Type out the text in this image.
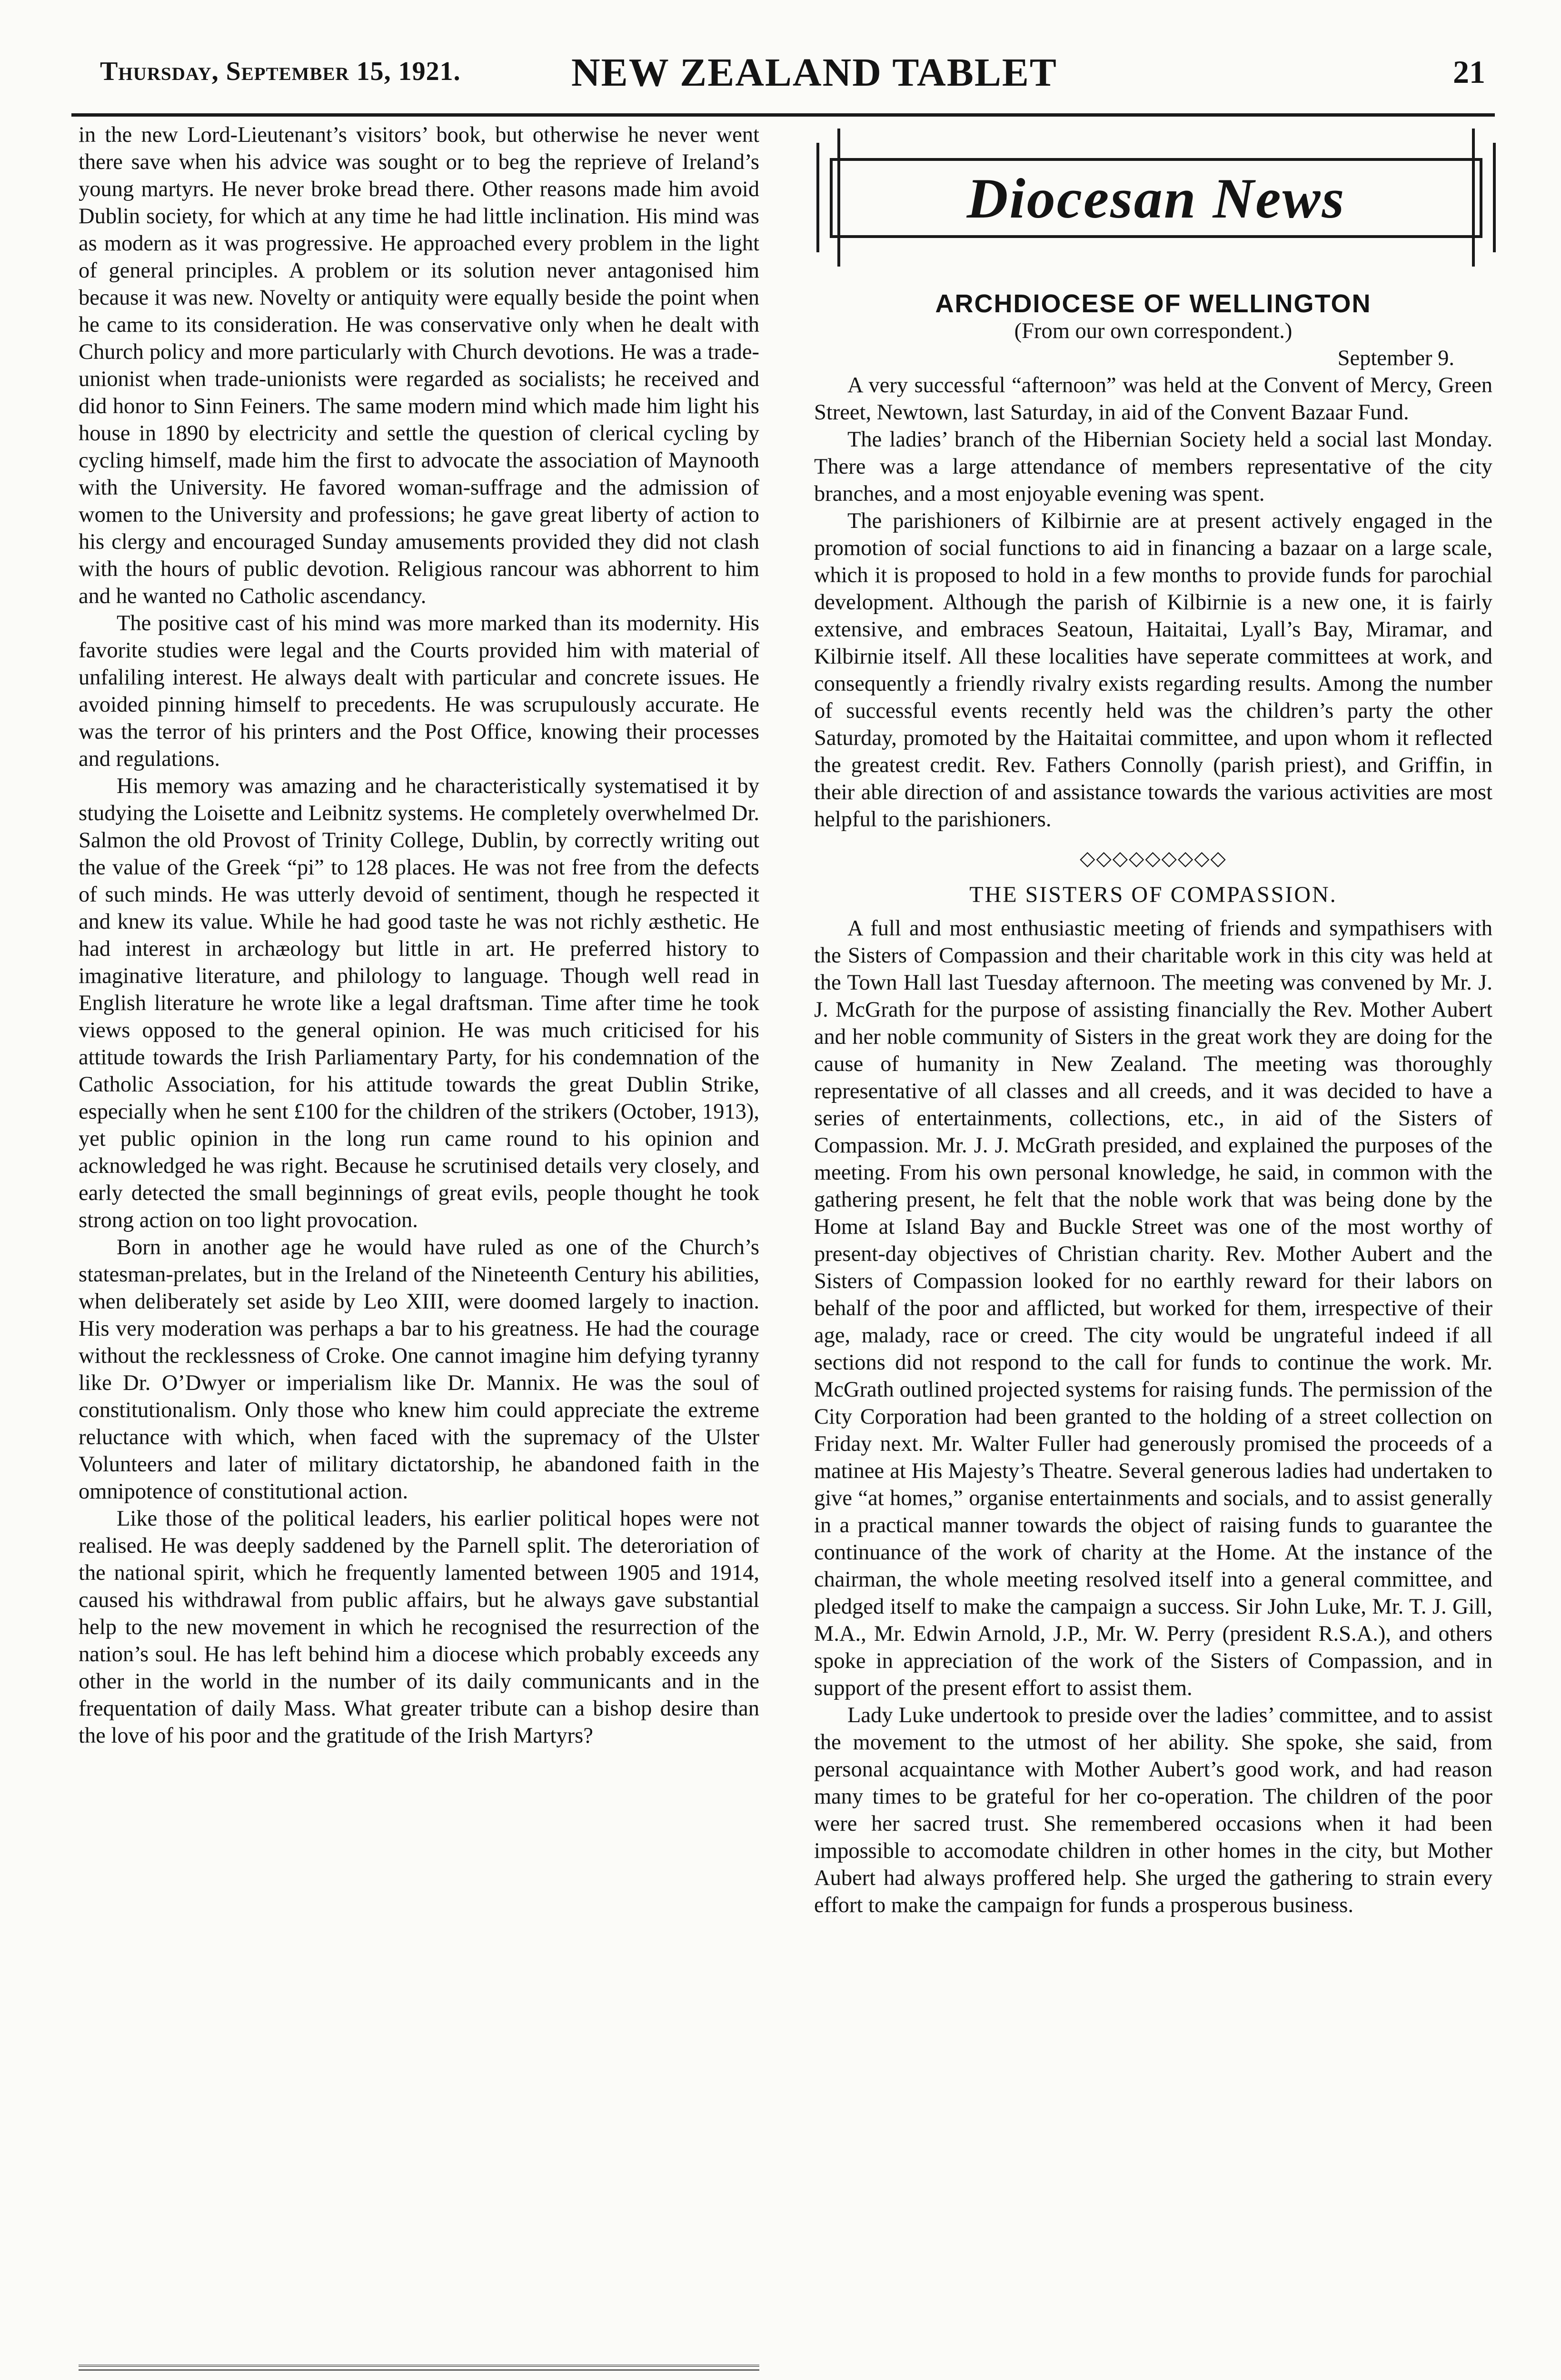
Thursday, September 15, 1921.	NEW ZEALAND TABLET	21

in the new Lord-Lieutenant’s visitors’ book, but otherwise he never went there save when his advice was sought or to beg the reprieve of Ireland’s young martyrs. He never broke bread there. Other reasons made him avoid Dublin society, for which at any time he had little inclination. His mind was as modern as it was progressive. He approached every problem in the light of general principles. A problem or its solution never antagonised him because it was new. Novelty or antiquity were equally beside the point when he came to its consideration. He was conservative only when he dealt with Church policy and more particularly with Church devotions. He was a trade-unionist when trade-unionists were regarded as socialists; he received and did honor to Sinn Feiners. The same modern mind which made him light his house in 1890 by electricity and settle the question of clerical cycling by cycling himself, made him the first to advocate the association of Maynooth with the University. He favored woman-suffrage and the admission of women to the University and professions; he gave great liberty of action to his clergy and encouraged Sunday amusements provided they did not clash with the hours of public devotion. Religious rancour was abhorrent to him and he wanted no Catholic ascendancy.

The positive cast of his mind was more marked than its modernity. His favorite studies were legal and the Courts provided him with material of unfaliling interest. He always dealt with particular and concrete issues. He avoided pinning himself to precedents. He was scrupulously accurate. He was the terror of his printers and the Post Office, knowing their processes and regulations.

His memory was amazing and he characteristically systematised it by studying the Loisette and Leibnitz systems. He completely overwhelmed Dr. Salmon the old Provost of Trinity College, Dublin, by correctly writing out the value of the Greek “pi” to 128 places. He was not free from the defects of such minds. He was utterly devoid of sentiment, though he respected it and knew its value. While he had good taste he was not richly æsthetic. He had interest in archæology but little in art. He preferred history to imaginative literature, and philology to language. Though well read in English literature he wrote like a legal draftsman. Time after time he took views opposed to the general opinion. He was much criticised for his attitude towards the Irish Parliamentary Party, for his condemnation of the Catholic Association, for his attitude towards the great Dublin Strike, especially when he sent £100 for the children of the strikers (October, 1913), yet public opinion in the long run came round to his opinion and acknowledged he was right. Because he scrutinised details very closely, and early detected the small beginnings of great evils, people thought he took strong action on too light provocation.

Born in another age he would have ruled as one of the Church’s statesman-prelates, but in the Ireland of the Nineteenth Century his abilities, when deliberately set aside by Leo XIII, were doomed largely to inaction. His very moderation was perhaps a bar to his greatness. He had the courage without the recklessness of Croke. One cannot imagine him defying tyranny like Dr. O’Dwyer or imperialism like Dr. Mannix. He was the soul of constitutionalism. Only those who knew him could appreciate the extreme reluctance with which, when faced with the supremacy of the Ulster Volunteers and later of military dictatorship, he abandoned faith in the omnipotence of constitutional action.

Like those of the political leaders, his earlier political hopes were not realised. He was deeply saddened by the Parnell split. The deteroriation of the national spirit, which he frequently lamented between 1905 and 1914, caused his withdrawal from public affairs, but he always gave substantial help to the new movement in which he recognised the resurrection of the nation’s soul. He has left behind him a diocese which probably exceeds any other in the world in the number of its daily communicants and in the frequentation of daily Mass. What greater tribute can a bishop desire than the love of his poor and the gratitude of the Irish Martyrs?

Diocesan News
ARCHDIOCESE OF WELLINGTON

(From our own correspondent.)

September 9.

A very successful “afternoon” was held at the Convent of Mercy, Green Street, Newtown, last Saturday, in aid of the Convent Bazaar Fund.

The ladies’ branch of the Hibernian Society held a social last Monday. There was a large attendance of members representative of the city branches, and a most enjoyable evening was spent.

The parishioners of Kilbirnie are at present actively engaged in the promotion of social functions to aid in financing a bazaar on a large scale, which it is proposed to hold in a few months to provide funds for parochial development. Although the parish of Kilbirnie is a new one, it is fairly extensive, and embraces Seatoun, Haitaitai, Lyall’s Bay, Miramar, and Kilbirnie itself. All these localities have seperate committees at work, and consequently a friendly rivalry exists regarding results. Among the number of successful events recently held was the children’s party the other Saturday, promoted by the Haitaitai committee, and upon whom it reflected the greatest credit. Rev. Fathers Connolly (parish priest), and Griffin, in their able direction of and assistance towards the various activities are most helpful to the parishioners.

◇◇◇◇◇◇◇◇◇
THE SISTERS OF COMPASSION.

A full and most enthusiastic meeting of friends and sympathisers with the Sisters of Compassion and their charitable work in this city was held at the Town Hall last Tuesday afternoon. The meeting was convened by Mr. J. J. McGrath for the purpose of assisting financially the Rev. Mother Aubert and her noble community of Sisters in the great work they are doing for the cause of humanity in New Zealand. The meeting was thoroughly representative of all classes and all creeds, and it was decided to have a series of entertainments, collections, etc., in aid of the Sisters of Compassion. Mr. J. J. McGrath presided, and explained the purposes of the meeting. From his own personal knowledge, he said, in common with the gathering present, he felt that the noble work that was being done by the Home at Island Bay and Buckle Street was one of the most worthy of present-day objectives of Christian charity. Rev. Mother Aubert and the Sisters of Compassion looked for no earthly reward for their labors on behalf of the poor and afflicted, but worked for them, irrespective of their age, malady, race or creed. The city would be ungrateful indeed if all sections did not respond to the call for funds to continue the work. Mr. McGrath outlined projected systems for raising funds. The permission of the City Corporation had been granted to the holding of a street collection on Friday next. Mr. Walter Fuller had generously promised the proceeds of a matinee at His Majesty’s Theatre. Several generous ladies had undertaken to give “at homes,” organise entertainments and socials, and to assist generally in a practical manner towards the object of raising funds to guarantee the continuance of the work of charity at the Home. At the instance of the chairman, the whole meeting resolved itself into a general committee, and pledged itself to make the campaign a success. Sir John Luke, Mr. T. J. Gill, M.A., Mr. Edwin Arnold, J.P., Mr. W. Perry (president R.S.A.), and others spoke in appreciation of the work of the Sisters of Compassion, and in support of the present effort to assist them.

Lady Luke undertook to preside over the ladies’ committee, and to assist the movement to the utmost of her ability. She spoke, she said, from personal acquaintance with Mother Aubert’s good work, and had reason many times to be grateful for her co-operation. The children of the poor were her sacred trust. She remembered occasions when it had been impossible to accomodate children in other homes in the city, but Mother Aubert had always proffered help. She urged the gathering to strain every effort to make the campaign for funds a prosperous business.
